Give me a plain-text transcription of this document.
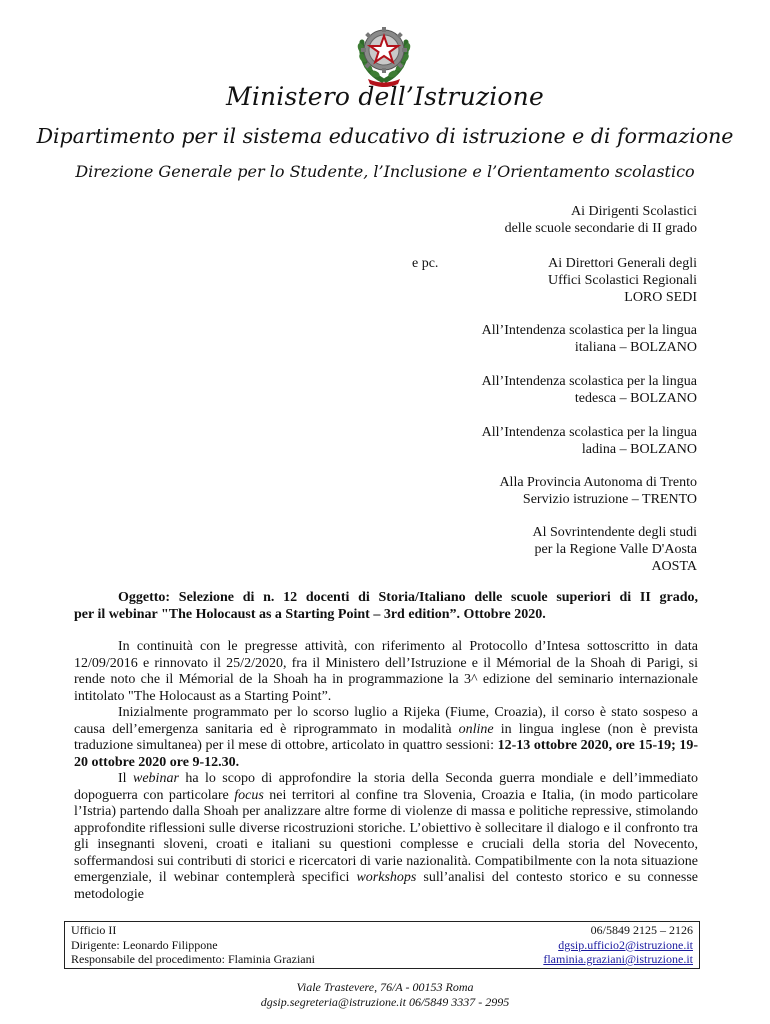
Ministero dell’Istruzione
Dipartimento per il sistema educativo di istruzione e di formazione
Direzione Generale per lo Studente, l’Inclusione e l’Orientamento scolastico
e pc.
Ai Dirigenti Scolastici
delle scuole secondarie di II grado
Ai Direttori Generali degli
Uffici Scolastici Regionali
LORO SEDI
All’Intendenza scolastica per la lingua
italiana – BOLZANO
All’Intendenza scolastica per la lingua
tedesca – BOLZANO
All’Intendenza scolastica per la lingua
ladina – BOLZANO
Alla Provincia Autonoma di Trento
Servizio istruzione – TRENTO
Al Sovrintendente degli studi
per la Regione Valle D'Aosta
AOSTA
Oggetto: Selezione di n. 12 docenti di Storia/Italiano delle scuole superiori di II grado,
per il webinar "The Holocaust as a Starting Point – 3rd edition”. Ottobre 2020.

In continuità con le pregresse attività, con riferimento al Protocollo d’Intesa sottoscritto in data 12/09/2016 e rinnovato il 25/2/2020, fra il Ministero dell’Istruzione e il Mémorial de la Shoah di Parigi, si rende noto che il Mémorial de la Shoah ha in programmazione la 3^ edizione del seminario internazionale intitolato "The Holocaust as a Starting Point”.

Inizialmente programmato per lo scorso luglio a Rijeka (Fiume, Croazia), il corso è stato sospeso a causa dell’emergenza sanitaria ed è riprogrammato in modalità online in lingua inglese (non è prevista traduzione simultanea) per il mese di ottobre, articolato in quattro sessioni: 12-13 ottobre 2020, ore 15-19; 19-20 ottobre 2020 ore 9-12.30.

Il webinar ha lo scopo di approfondire la storia della Seconda guerra mondiale e dell’immediato dopoguerra con particolare focus nei territori al confine tra Slovenia, Croazia e Italia, (in modo particolare l’Istria) partendo dalla Shoah per analizzare altre forme di violenze di massa e politiche repressive, stimolando approfondite riflessioni sulle diverse ricostruzioni storiche. L’obiettivo è sollecitare il dialogo e il confronto tra gli insegnanti sloveni, croati e italiani su questioni complesse e cruciali della storia del Novecento, soffermandosi sui contributi di storici e ricercatori di varie nazionalità. Compatibilmente con la nota situazione emergenziale, il webinar contemplerà specifici workshops sull’analisi del contesto storico e su connesse metodologie

Ufficio II
Dirigente: Leonardo Filippone
Responsabile del procedimento: Flaminia Graziani
06/5849 2125 – 2126
dgsip.ufficio2@istruzione.it
flaminia.graziani@istruzione.it
Viale Trastevere, 76/A - 00153 Roma
dgsip.segreteria@istruzione.it 06/5849 3337 - 2995
